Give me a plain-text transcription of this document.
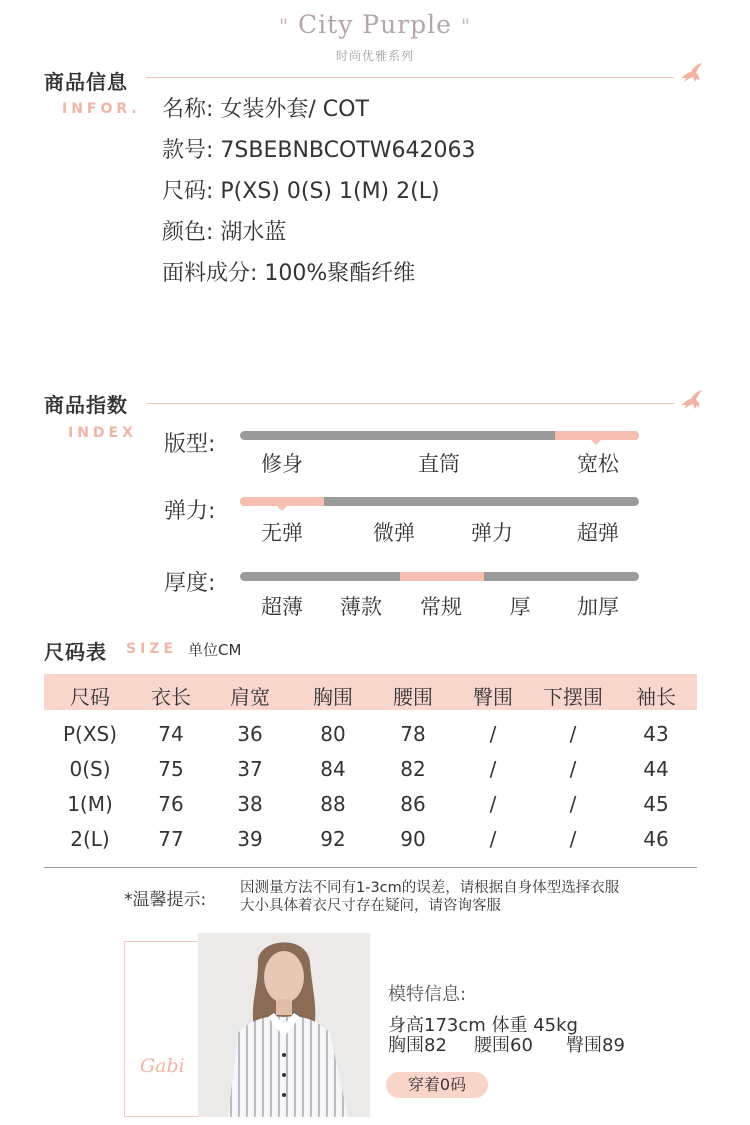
" City Purple "
时尚优雅系列
商品信息
INFOR. 名称: 女装外套/ COT
款号: 7SBEBNBCOTW642063
尺码: P(XS) 0(S) 1(M) 2(L)
颜色: 湖水蓝
面料成分: 100%聚酯纤维
商品指数
INDEX 版型:
修身	直筒	宽松
弹力:
无弹	微弹	弹力	超弹
厚度:
超薄 薄款 常规 厚 加厚
尺码表 SIZE 单位CM
尺码 衣长 肩宽 胸围 腰围 臀围 下摆围 袖长
P(XS) 74	36	80	78	/	/	43
0(S) 75	37	84	82	/	/	44
1(M) 76	38	88	86	/	/	45
2(L) 77	39	92	90	/	/	46
*温馨提示:
因测量方法不同有1-3cm的误差，请根据自身体型选择衣服
大小具体着衣尺寸存在疑问，请咨询客服
Gabi
模特信息:
身高173cm 体重 45kg
胸围82 腰围60 臀围89
穿着0码
